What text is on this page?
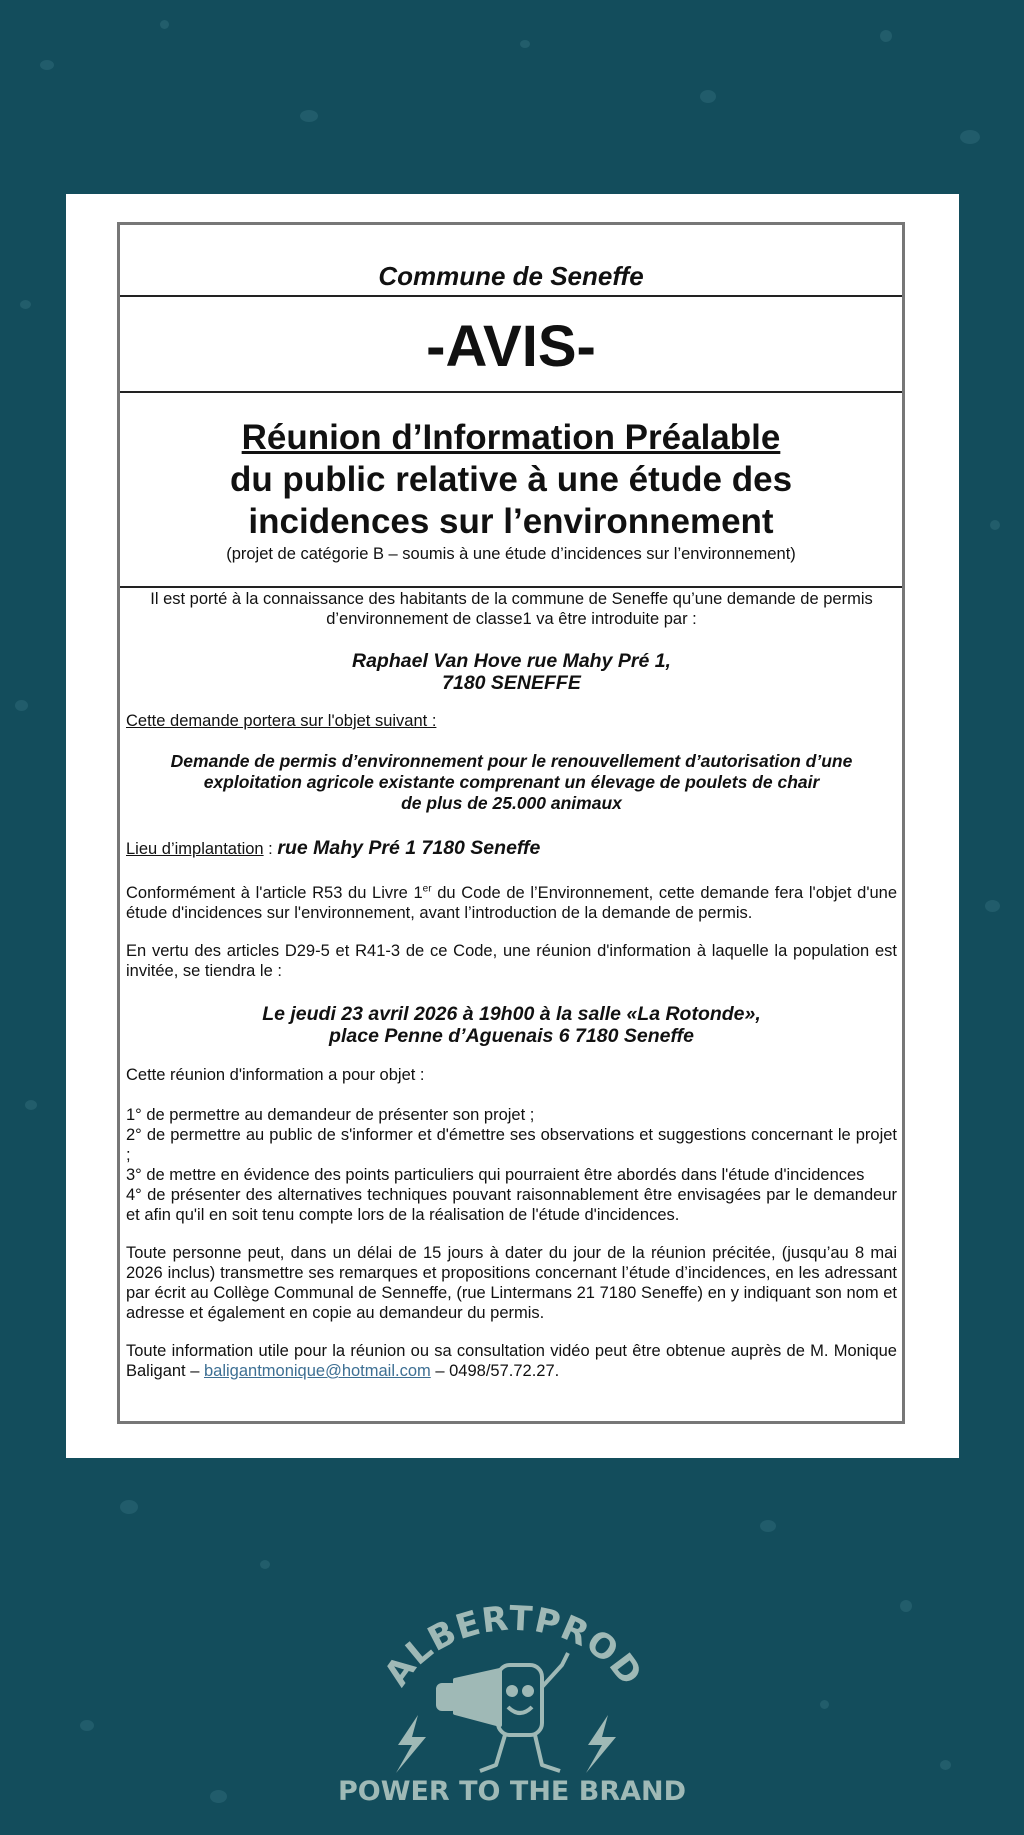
Commune de Seneffe
-AVIS-
Réunion d’Information Préalable
du public relative à une étude des
incidences sur l’environnement
(projet de catégorie B – soumis à une étude d’incidences sur l’environnement)
Il est porté à la connaissance des habitants de la commune de Seneffe qu’une demande de permis d’environnement de classe1 va être introduite par :
Raphael Van Hove rue Mahy Pré 1,
7180 SENEFFE
Cette demande portera sur l'objet suivant :
Demande de permis d’environnement pour le renouvellement d’autorisation d’une
exploitation agricole existante comprenant un élevage de poulets de chair
de plus de 25.000 animaux
Lieu d’implantation : rue Mahy Pré 1 7180 Seneffe
Conformément à l'article R53 du Livre 1er du Code de l’Environnement, cette demande fera l'objet d'une étude d'incidences sur l'environnement, avant l’introduction de la demande de permis.
En vertu des articles D29-5 et R41-3 de ce Code, une réunion d'information à laquelle la population est invitée, se tiendra le :
Le jeudi 23 avril 2026 à 19h00 à la salle «La Rotonde»,
place Penne d’Aguenais 6 7180 Seneffe
Cette réunion d'information a pour objet :
1° de permettre au demandeur de présenter son projet ;
2° de permettre au public de s'informer et d'émettre ses observations et suggestions concernant le projet ;
3° de mettre en évidence des points particuliers qui pourraient être abordés dans l'étude d'incidences
4° de présenter des alternatives techniques pouvant raisonnablement être envisagées par le demandeur et afin qu'il en soit tenu compte lors de la réalisation de l'étude d'incidences.
Toute personne peut, dans un délai de 15 jours à dater du jour de la réunion précitée, (jusqu’au 8 mai 2026 inclus) transmettre ses remarques et propositions concernant l’étude d’incidences, en les adressant par écrit au Collège Communal de Senneffe, (rue Lintermans 21 7180 Seneffe) en y indiquant son nom et adresse et également en copie au demandeur du permis.
Toute information utile pour la réunion ou sa consultation vidéo peut être obtenue auprès de M. Monique Baligant – baligantmonique@hotmail.com – 0498/57.72.27.
ALBERTPROD
POWER TO THE BRAND
